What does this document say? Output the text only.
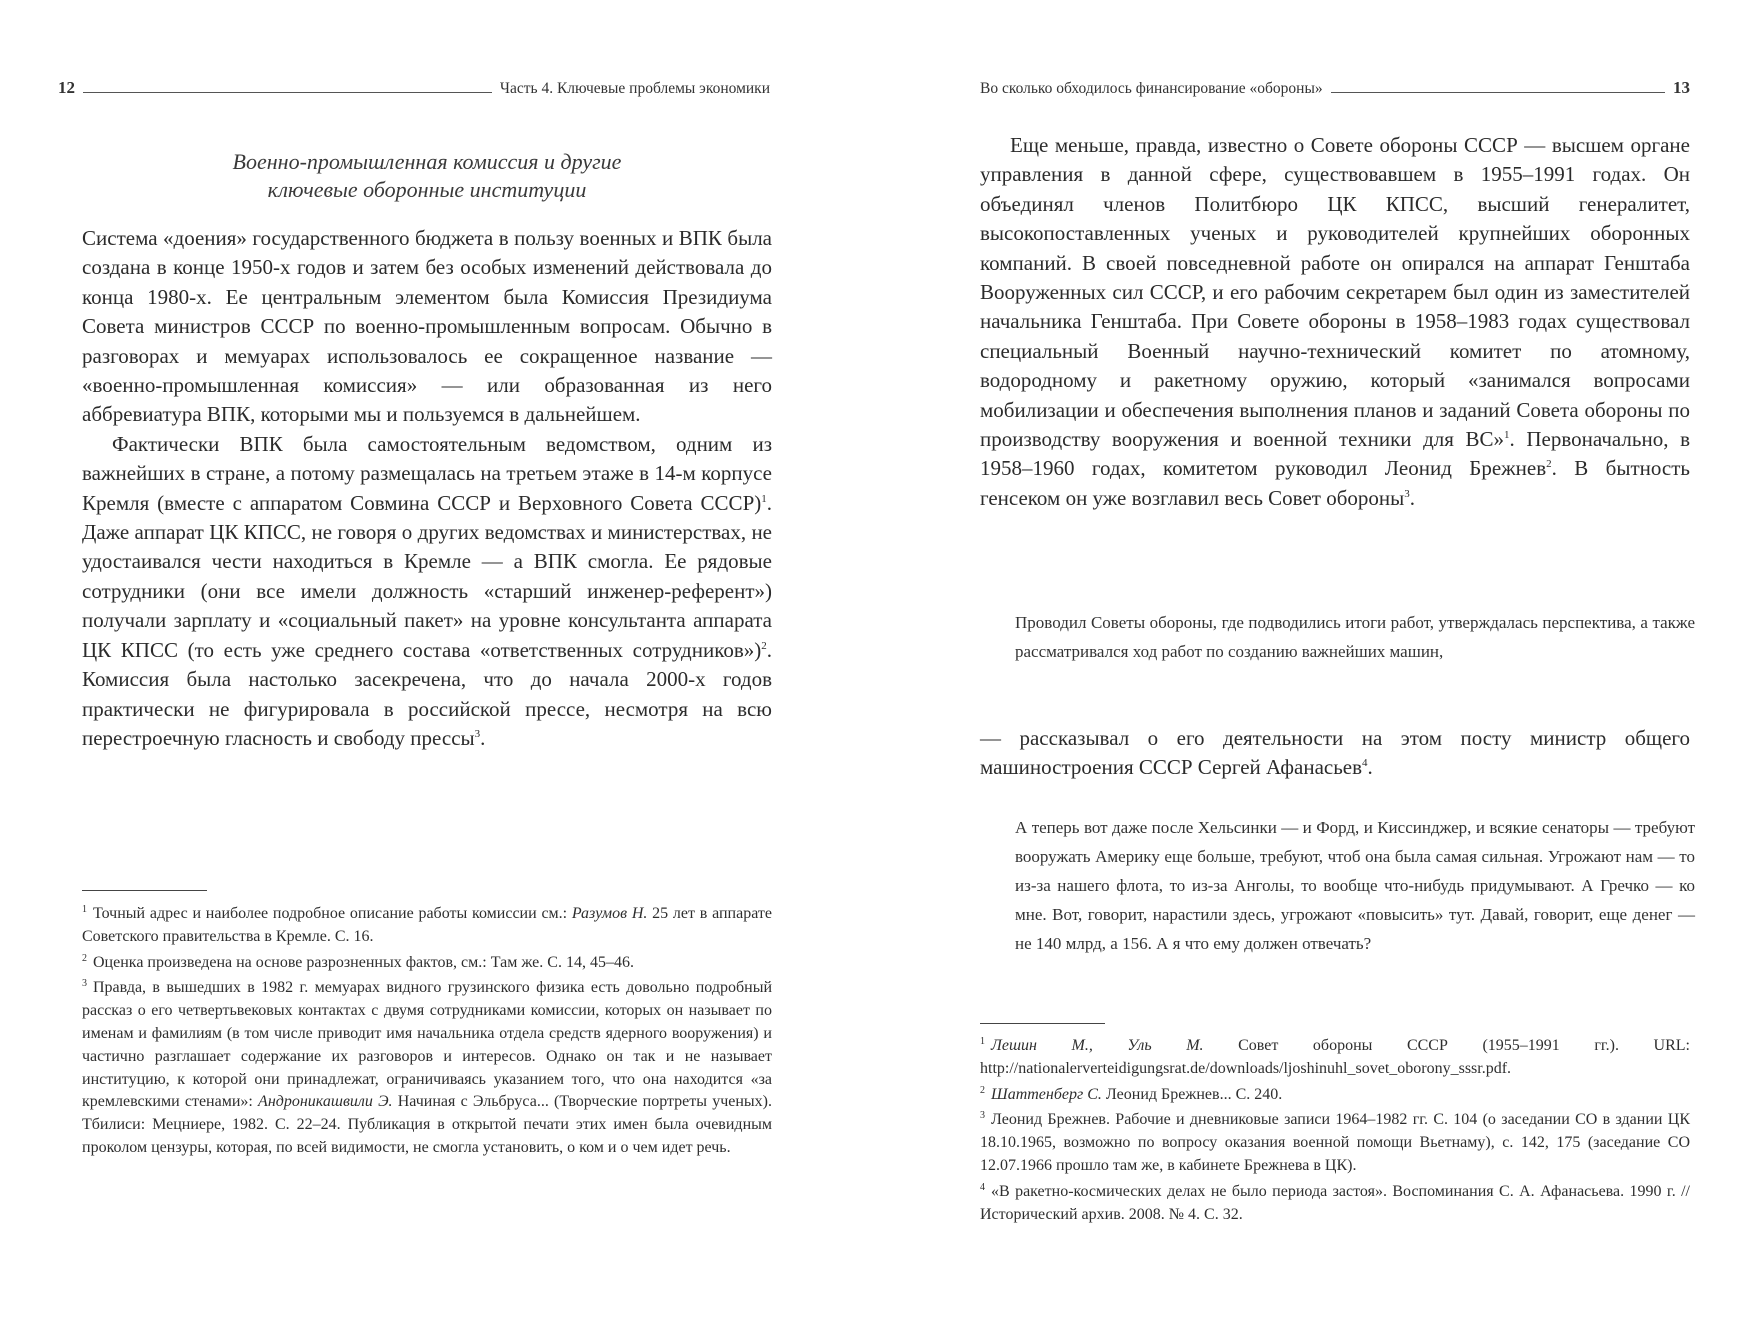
12	Часть 4. Ключевые проблемы экономики
Военно-промышленная комиссия и другие
ключевые оборонные институции

Система «доения» государственного бюджета в пользу военных и ВПК была создана в конце 1950-х годов и затем без особых изменений действовала до конца 1980-х. Ее центральным элементом была Комиссия Президиума Совета министров СССР по военно-промышленным вопросам. Обычно в разговорах и мемуарах использовалось ее сокращенное название — «военно-промышленная комиссия» — или образованная из него аббревиатура ВПК, которыми мы и пользуемся в дальнейшем.

Фактически ВПК была самостоятельным ведомством, одним из важнейших в стране, а потому размещалась на третьем этаже в 14-м корпусе Кремля (вместе с аппаратом Совмина СССР и Верховного Совета СССР)$^1$. Даже аппарат ЦК КПСС, не говоря о других ведомствах и министерствах, не удостаивался чести находиться в Кремле — а ВПК смогла. Ее рядовые сотрудники (они все имели должность «старший инженер-референт») получали зарплату и «социальный пакет» на уровне консультанта аппарата ЦК КПСС (то есть уже среднего состава «ответственных сотрудников»)$^2$. Комиссия была настолько засекречена, что до начала 2000-х годов практически не фигурировала в российской прессе, несмотря на всю перестроечную гласность и свободу прессы$^3$.

$^1$ Точный адрес и наиболее подробное описание работы комиссии см.: Разумов Н. 25 лет в аппарате Советского правительства в Кремле. С. 16.

$^2$ Оценка произведена на основе разрозненных фактов, см.: Там же. С. 14, 45–46.

$^3$ Правда, в вышедших в 1982 г. мемуарах видного грузинского физика есть довольно подробный рассказ о его четвертьвековых контактах с двумя сотрудниками комиссии, которых он называет по именам и фамилиям (в том числе приводит имя начальника отдела средств ядерного вооружения) и частично разглашает содержание их разговоров и интересов. Однако он так и не называет институцию, к которой они принадлежат, ограничиваясь указанием того, что она находится «за кремлевскими стенами»: Андроникашвили Э. Начиная с Эльбруса... (Творческие портреты ученых). Тбилиси: Мецниере, 1982. С. 22–24. Публикация в открытой печати этих имен была очевидным проколом цензуры, которая, по всей видимости, не смогла установить, о ком и о чем идет речь.

Во сколько обходилось финансирование «обороны»	13

Еще меньше, правда, известно о Совете обороны СССР — высшем органе управления в данной сфере, существовавшем в 1955–1991 годах. Он объединял членов Политбюро ЦК КПСС, высший генералитет, высокопоставленных ученых и руководителей крупнейших оборонных компаний. В своей повседневной работе он опирался на аппарат Генштаба Вооруженных сил СССР, и его рабочим секретарем был один из заместителей начальника Генштаба. При Совете обороны в 1958–1983 годах существовал специальный Военный научно-технический комитет по атомному, водородному и ракетному оружию, который «занимался вопросами мобилизации и обеспечения выполнения планов и заданий Совета обороны по производству вооружения и военной техники для ВС»$^1$. Первоначально, в 1958–1960 годах, комитетом руководил Леонид Брежнев$^2$. В бытность генсеком он уже возглавил весь Совет обороны$^3$.

Проводил Советы обороны, где подводились итоги работ, утверждалась перспектива, а также рассматривался ход работ по созданию важнейших машин,

— рассказывал о его деятельности на этом посту министр общего машиностроения СССР Сергей Афанасьев$^4$.

А теперь вот даже после Хельсинки — и Форд, и Киссинджер, и всякие сенаторы — требуют вооружать Америку еще больше, требуют, чтоб она была самая сильная. Угрожают нам — то из-за нашего флота, то из-за Анголы, то вообще что-нибудь придумывают. А Гречко — ко мне. Вот, говорит, нарастили здесь, угрожают «повысить» тут. Давай, говорит, еще денег — не 140 млрд, а 156. А я что ему должен отвечать?

$^1$ Лешин М., Уль М. Совет обороны СССР (1955–1991 гг.). URL: http://nationalerverteidigungsrat.de/downloads/ljoshinuhl_sovet_oborony_sssr.pdf.

$^2$ Шаттенберг С. Леонид Брежнев... С. 240.

$^3$ Леонид Брежнев. Рабочие и дневниковые записи 1964–1982 гг. С. 104 (о заседании СО в здании ЦК 18.10.1965, возможно по вопросу оказания военной помощи Вьетнаму), с. 142, 175 (заседание СО 12.07.1966 прошло там же, в кабинете Брежнева в ЦК).

$^4$ «В ракетно-космических делах не было периода застоя». Воспоминания С. А. Афанасьева. 1990 г. // Исторический архив. 2008. № 4. С. 32.
